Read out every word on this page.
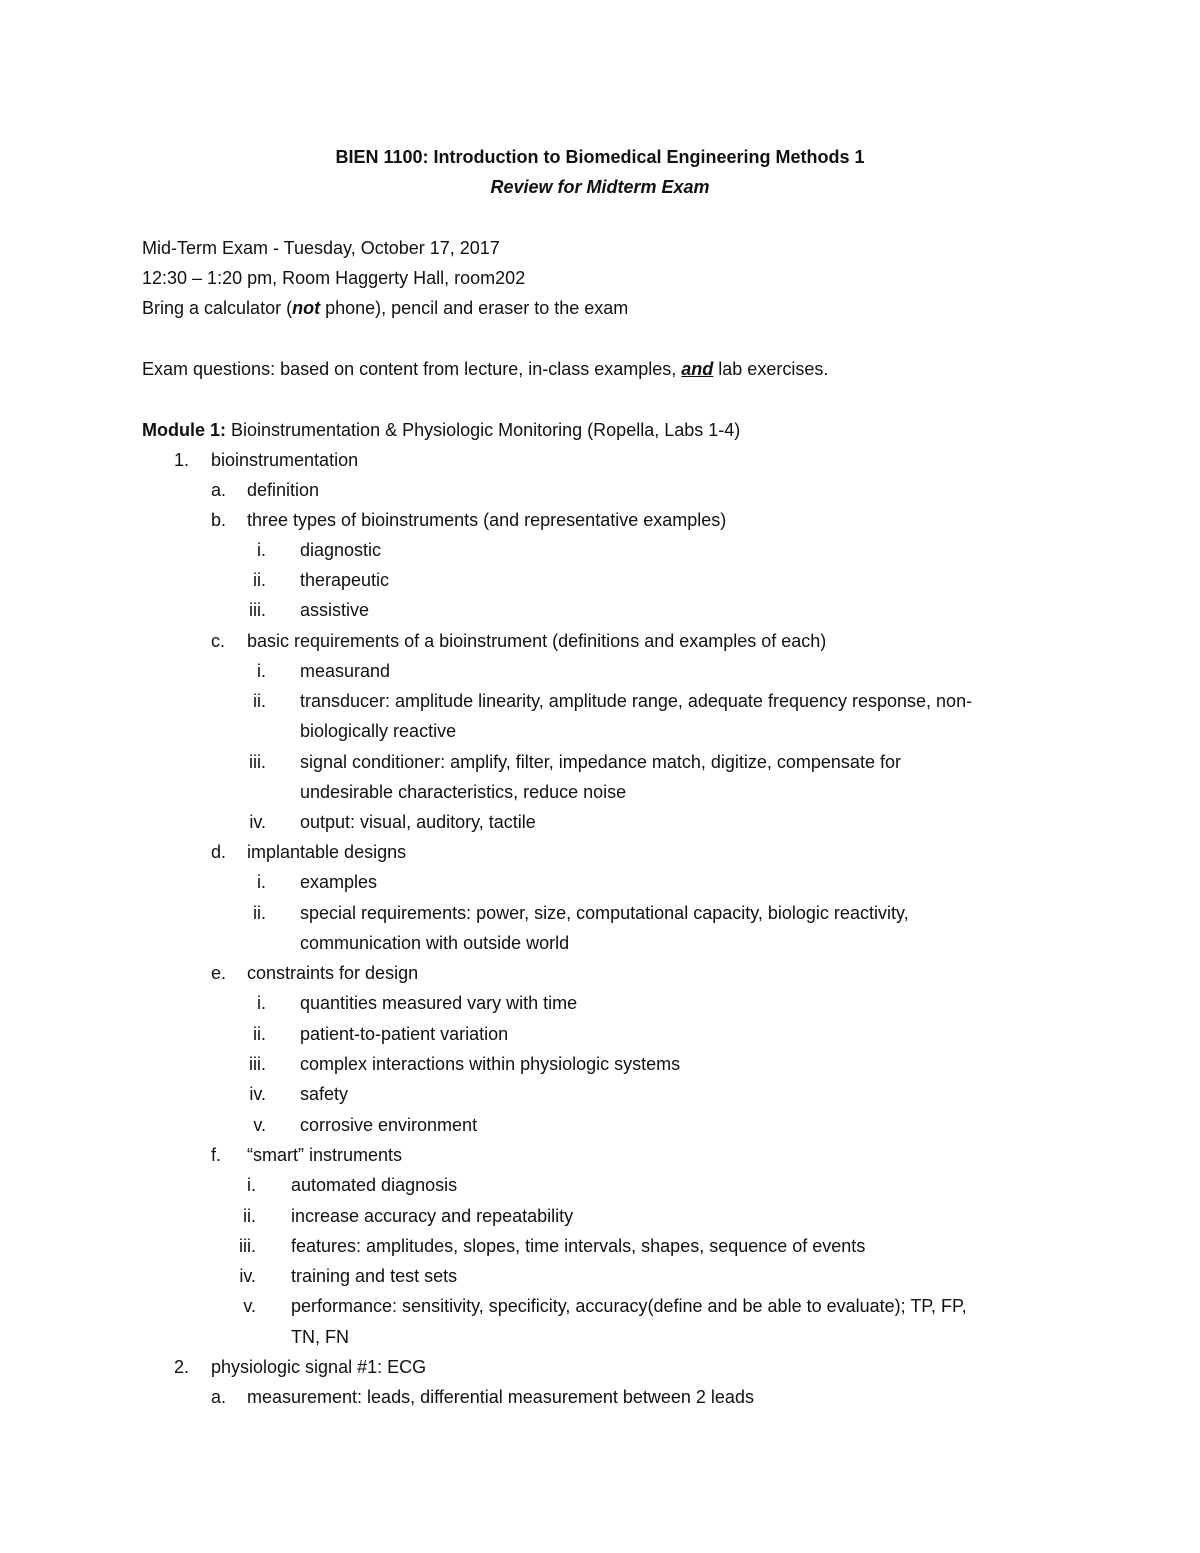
BIEN 1100: Introduction to Biomedical Engineering Methods 1
Review for Midterm Exam
Mid-Term Exam - Tuesday, October 17, 2017
12:30 – 1:20 pm, Room Haggerty Hall, room202
Bring a calculator (not phone), pencil and eraser to the exam
Exam questions: based on content from lecture, in-class examples, and lab exercises.
Module 1: Bioinstrumentation & Physiologic Monitoring (Ropella, Labs 1-4)
1. bioinstrumentation
a. definition
b. three types of bioinstruments (and representative examples)
i. diagnostic
ii. therapeutic
iii. assistive
c. basic requirements of a bioinstrument (definitions and examples of each)
i. measurand
ii. transducer: amplitude linearity, amplitude range, adequate frequency response, non-
biologically reactive
iii. signal conditioner: amplify, filter, impedance match, digitize, compensate for
undesirable characteristics, reduce noise
iv. output: visual, auditory, tactile
d. implantable designs
i. examples
ii. special requirements: power, size, computational capacity, biologic reactivity,
communication with outside world
e. constraints for design
i. quantities measured vary with time
ii. patient-to-patient variation
iii. complex interactions within physiologic systems
iv. safety
v. corrosive environment
f. “smart” instruments
i. automated diagnosis
ii. increase accuracy and repeatability
iii. features: amplitudes, slopes, time intervals, shapes, sequence of events
iv. training and test sets
v. performance: sensitivity, specificity, accuracy(define and be able to evaluate); TP, FP,
TN, FN
2. physiologic signal #1: ECG
a. measurement: leads, differential measurement between 2 leads
